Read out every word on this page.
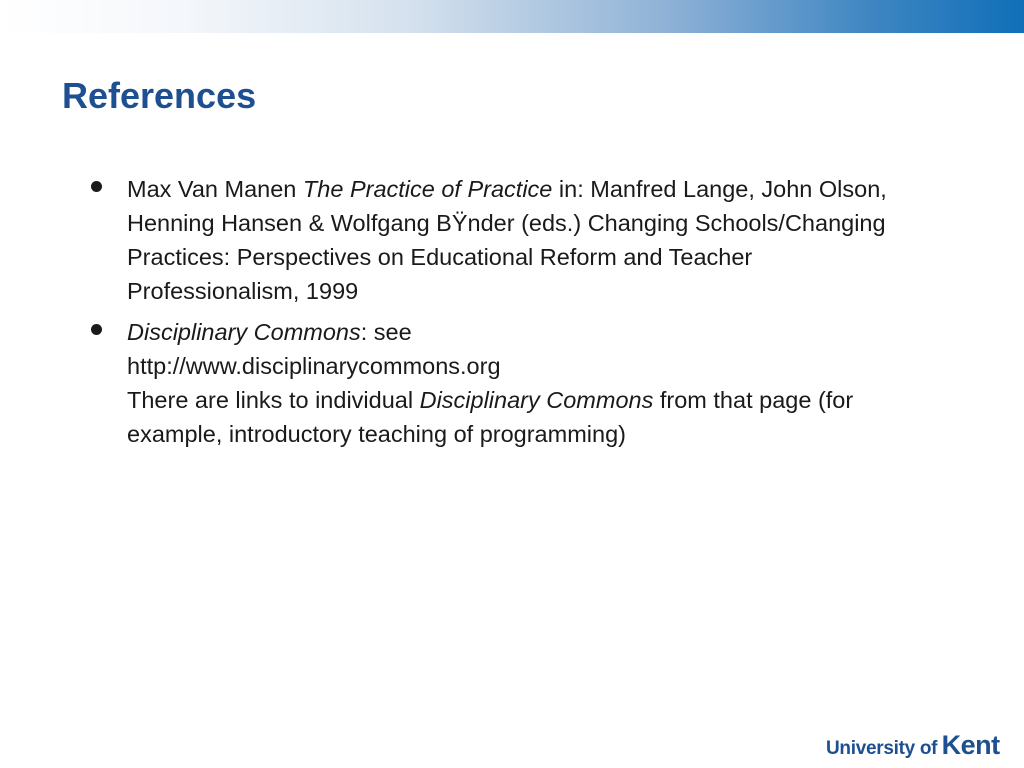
References

Max Van Manen The Practice of Practice in: Manfred Lange, John Olson, Henning Hansen & Wolfgang BŸnder (eds.) Changing Schools/Changing Practices: Perspectives on Educational Reform and Teacher Professionalism, 1999

Disciplinary Commons: see
http://www.disciplinarycommons.org
There are links to individual Disciplinary Commons from that page (for example, introductory teaching of programming)

University of Kent
